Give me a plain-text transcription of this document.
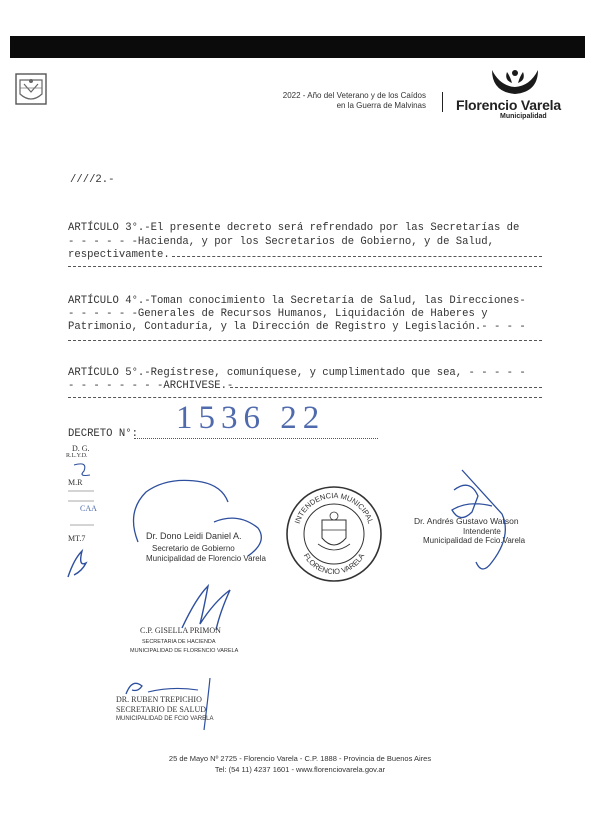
2022 - Año del Veterano y de los Caídos
en la Guerra de Malvinas Florencio Varela
Municipalidad
////2.-
ARTÍCULO 3°.-El presente decreto será refrendado por las Secretarías de
- - - - - -Hacienda, y por los Secretarios de Gobierno, y de Salud,
respectivamente.
ARTÍCULO 4°.-Toman conocimiento la Secretaría de Salud, las Direcciones-
- - - - - -Generales de Recursos Humanos, Liquidación de Haberes y
Patrimonio, Contaduría, y la Dirección de Registro y Legislación.- - - -
ARTÍCULO 5°.-Regístrese, comuníquese, y cumplimentado que sea, - - - - -
- - - - - - - -ARCHIVESE.-
DECRETO N°: 1536 22
D. G.
R.L.Y.D.
M.R
CAA
MT.7	Dr. Dono Leidi Daniel A.
Secretario de Gobierno
Municipalidad de Florencio Varela
INTENDENCIA MUNICIPAL
FLORENCIO VARELA
Dr. Andrés Gustavo Watson
Intendente
Municipalidad de Fcio.Varela
C.P. GISELLA PRIMON
SECRETARIA DE HACIENDA
MUNICIPALIDAD DE FLORENCIO VARELA
DR. RUBEN TREPICHIO
SECRETARIO DE SALUD
MUNICIPALIDAD DE FCIO VARELA
25 de Mayo Nº 2725 - Florencio Varela - C.P. 1888 - Provincia de Buenos Aires
Tel: (54 11) 4237 1601 - www.florenciovarela.gov.ar
